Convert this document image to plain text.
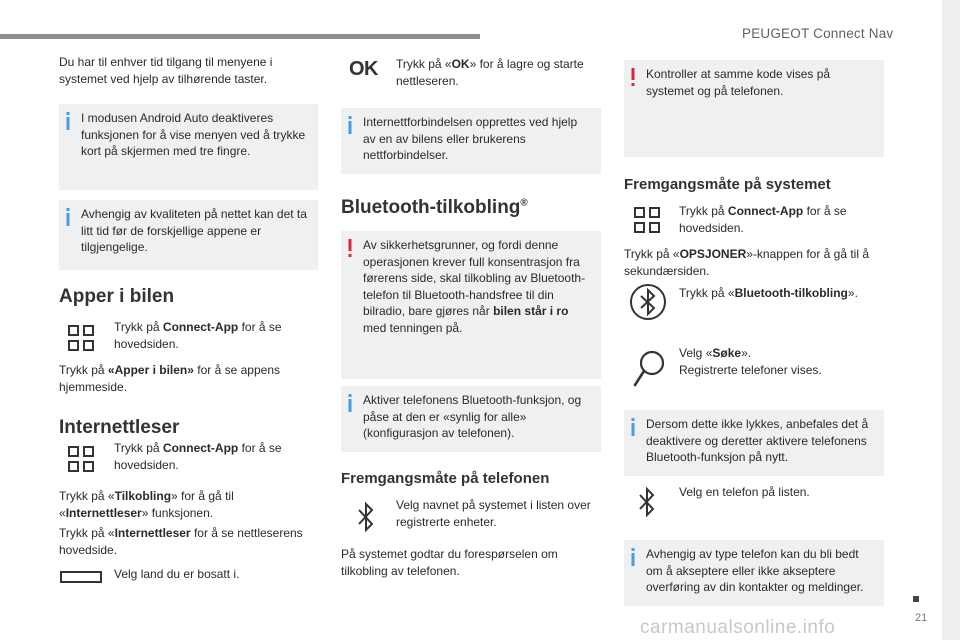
PEUGEOT Connect Nav
21
carmanualsonline.info

Du har til enhver tid tilgang til menyene i systemet ved hjelp av tilhørende taster.

I modusen Android Auto deaktiveres funksjonen for å vise menyen ved å trykke kort på skjermen med tre fingre.
Avhengig av kvaliteten på nettet kan det ta litt tid før de forskjellige appene er tilgjengelige.
Apper i bilen

Trykk på Connect-App for å se hovedsiden.

Trykk på «Apper i bilen» for å se appens hjemmeside.

Internettleser

Trykk på Connect-App for å se hovedsiden.

Trykk på «Tilkobling» for å gå til «Internettleser» funksjonen.

Trykk på «Internettleser for å se nettleserens hovedside.

Velg land du er bosatt i.

OK Trykk på «OK» for å lagre og starte nettleseren.

Internettforbindelsen opprettes ved hjelp av en av bilens eller brukerens nettforbindelser.
Bluetooth-tilkobling®
Av sikkerhetsgrunner, og fordi denne operasjonen krever full konsentrasjon fra førerens side, skal tilkobling av Bluetooth-telefon til Bluetooth-handsfree til din bilradio, bare gjøres når bilen står i ro med tenningen på.
Aktiver telefonens Bluetooth-funksjon, og påse at den er «synlig for alle» (konfigurasjon av telefonen).
Fremgangsmåte på telefonen

Velg navnet på systemet i listen over registrerte enheter.

På systemet godtar du forespørselen om tilkobling av telefonen.

Kontroller at samme kode vises på systemet og på telefonen.
Fremgangsmåte på systemet

Trykk på Connect-App for å se hovedsiden.

Trykk på «OPSJONER»-knappen for å gå til å sekundærsiden.

Trykk på «Bluetooth-tilkobling».

Velg «Søke».
Registrerte telefoner vises.

Dersom dette ikke lykkes, anbefales det å deaktivere og deretter aktivere telefonens Bluetooth-funksjon på nytt.

Velg en telefon på listen.

Avhengig av type telefon kan du bli bedt om å akseptere eller ikke akseptere overføring av din kontakter og meldinger.
